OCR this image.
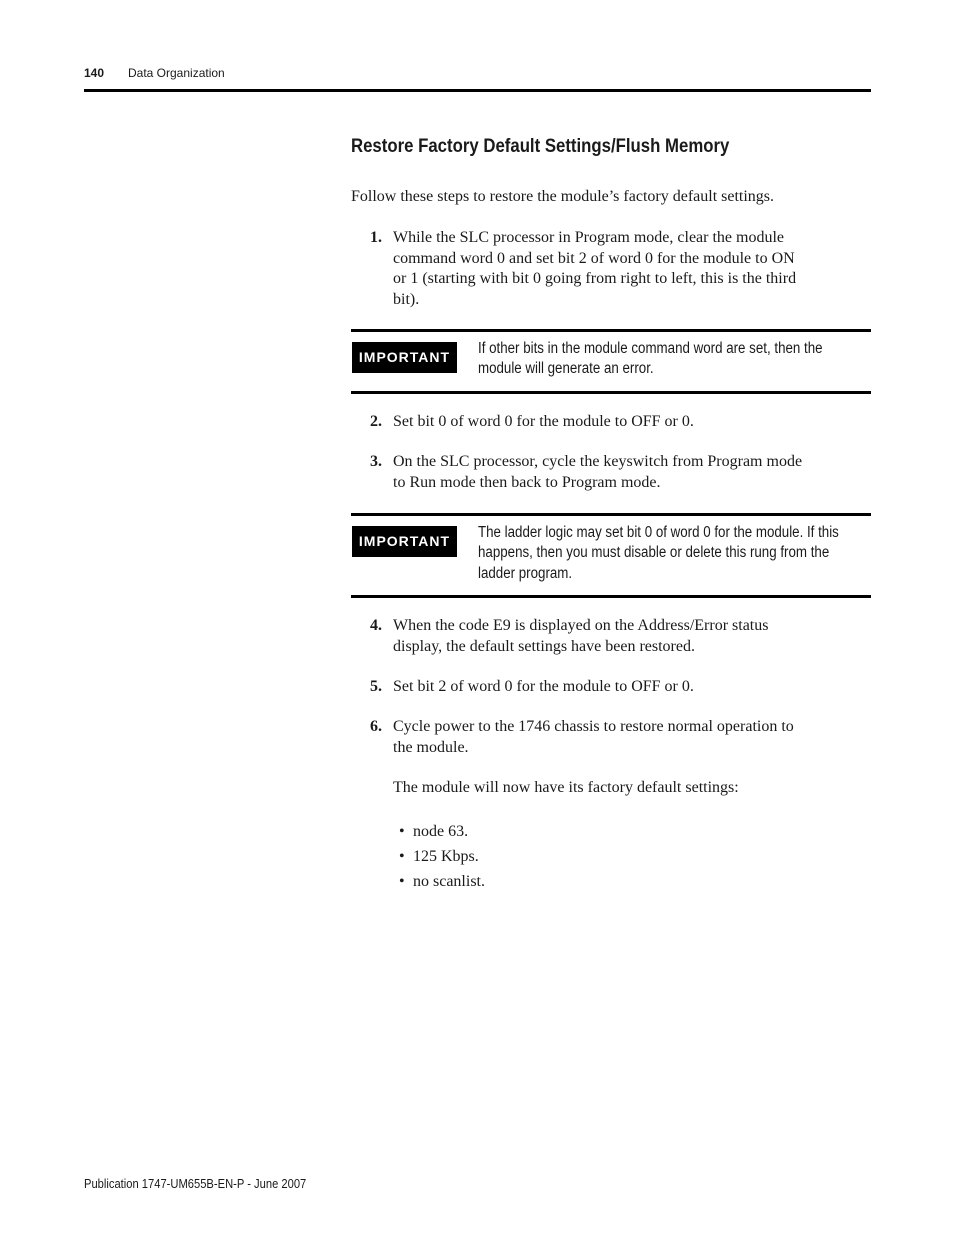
140 Data Organization
Restore Factory Default Settings/Flush Memory
Follow these steps to restore the module’s factory default settings.
1. While the SLC processor in Program mode, clear the module
command word 0 and set bit 2 of word 0 for the module to ON
or 1 (starting with bit 0 going from right to left, this is the third
bit).
IMPORTANT	If other bits in the module command word are set, then the
module will generate an error.
2. Set bit 0 of word 0 for the module to OFF or 0.
3. On the SLC processor, cycle the keyswitch from Program mode
to Run mode then back to Program mode.
IMPORTANT	The ladder logic may set bit 0 of word 0 for the module. If this
happens, then you must disable or delete this rung from the
ladder program.
4. When the code E9 is displayed on the Address/Error status
display, the default settings have been restored.
5. Set bit 2 of word 0 for the module to OFF or 0.
6. Cycle power to the 1746 chassis to restore normal operation to
the module.
The module will now have its factory default settings:
• node 63.
• 125 Kbps.
• no scanlist.
Publication 1747-UM655B-EN-P - June 2007
